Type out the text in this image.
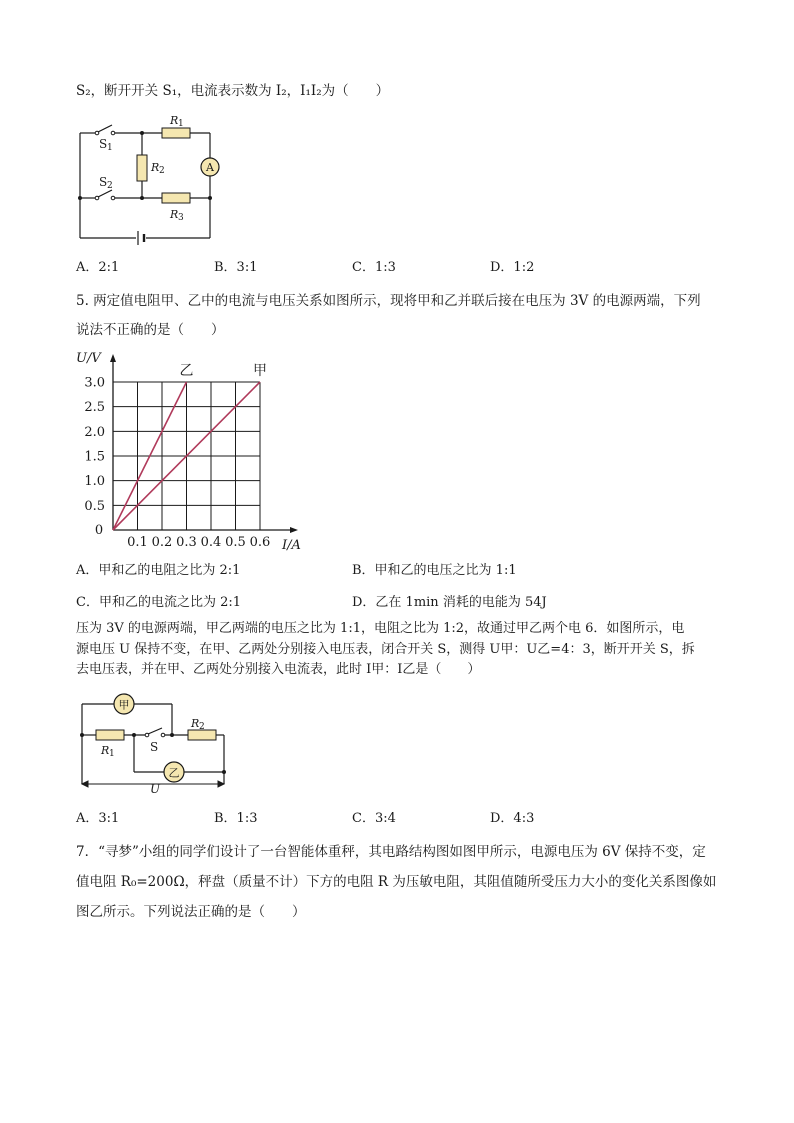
S₂，断开开关 S₁，电流表示数为 I₂，I₁I₂为（　　）
A
R 1
R 2
R 3
S 1
S 2
A．2:1	B．3:1	C．1:3	D．1:2
5. 两定值电阻甲、乙中的电流与电压关系如图所示，现将甲和乙并联后接在电压为 3V 的电源两端，下列
说法不正确的是（　　）
0.1 0.2 0.3 0.4 0.5 0.6
0.5
1.0
1.5
2.0
2.5
3.0
0
I/A
U/V
乙	甲
A．甲和乙的电阻之比为 2:1	B．甲和乙的电压之比为 1:1
C．甲和乙的电流之比为 2:1	D．乙在 1min 消耗的电能为 54J
压为 3V 的电源两端，甲乙两端的电压之比为 1:1，电阻之比为 1:2，故通过甲乙两个电 6．如图所示，电
源电压 U 保持不变，在甲、乙两处分别接入电压表，闭合开关 S，测得 U甲：U乙=4：3，断开开关 S，拆
去电压表，并在甲、乙两处分别接入电流表，此时 I甲：I乙是（　　）
甲
乙
R 1
R 2
S
U
A．3:1	B．1:3	C．3:4	D．4:3
7．“寻梦”小组的同学们设计了一台智能体重秤，其电路结构图如图甲所示，电源电压为 6V 保持不变，定
值电阻 R₀=200Ω，秤盘（质量不计）下方的电阻 R 为压敏电阻，其阻值随所受压力大小的变化关系图像如
图乙所示。下列说法正确的是（　　）
